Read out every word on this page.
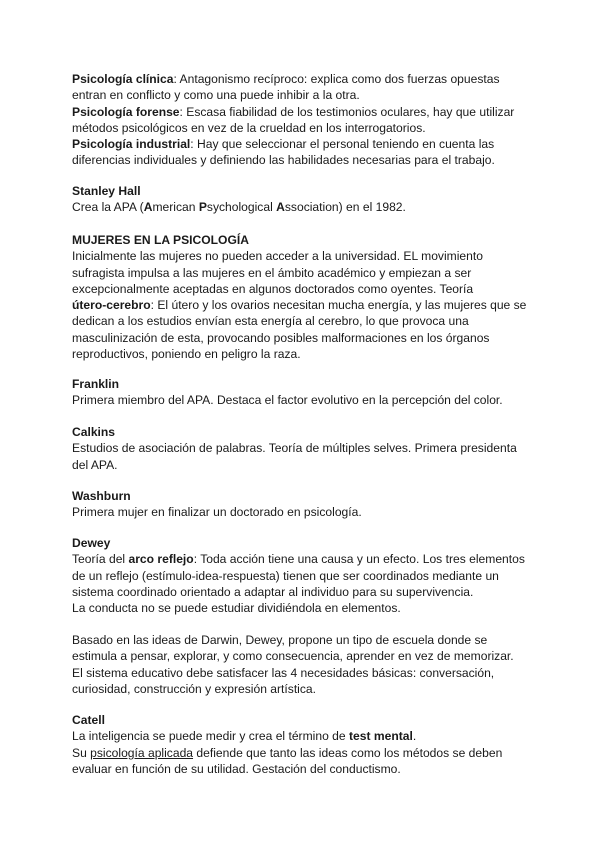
Psicología clínica: Antagonismo recíproco: explica como dos fuerzas opuestas
entran en conflicto y como una puede inhibir a la otra.
Psicología forense: Escasa fiabilidad de los testimonios oculares, hay que utilizar
métodos psicológicos en vez de la crueldad en los interrogatorios.
Psicología industrial: Hay que seleccionar el personal teniendo en cuenta las
diferencias individuales y definiendo las habilidades necesarias para el trabajo.
Stanley Hall
Crea la APA (American Psychological Association) en el 1982.
MUJERES EN LA PSICOLOGÍA
Inicialmente las mujeres no pueden acceder a la universidad. EL movimiento
sufragista impulsa a las mujeres en el ámbito académico y empiezan a ser
excepcionalmente aceptadas en algunos doctorados como oyentes. Teoría
útero-cerebro: El útero y los ovarios necesitan mucha energía, y las mujeres que se
dedican a los estudios envían esta energía al cerebro, lo que provoca una
masculinización de esta, provocando posibles malformaciones en los órganos
reproductivos, poniendo en peligro la raza.
Franklin
Primera miembro del APA. Destaca el factor evolutivo en la percepción del color.
Calkins
Estudios de asociación de palabras. Teoría de múltiples selves. Primera presidenta
del APA.
Washburn
Primera mujer en finalizar un doctorado en psicología.
Dewey
Teoría del arco reflejo: Toda acción tiene una causa y un efecto. Los tres elementos
de un reflejo (estímulo-idea-respuesta) tienen que ser coordinados mediante un
sistema coordinado orientado a adaptar al individuo para su supervivencia.
La conducta no se puede estudiar dividiéndola en elementos.
Basado en las ideas de Darwin, Dewey, propone un tipo de escuela donde se
estimula a pensar, explorar, y como consecuencia, aprender en vez de memorizar.
El sistema educativo debe satisfacer las 4 necesidades básicas: conversación,
curiosidad, construcción y expresión artística.
Catell
La inteligencia se puede medir y crea el término de test mental.
Su psicología aplicada defiende que tanto las ideas como los métodos se deben
evaluar en función de su utilidad. Gestación del conductismo.
